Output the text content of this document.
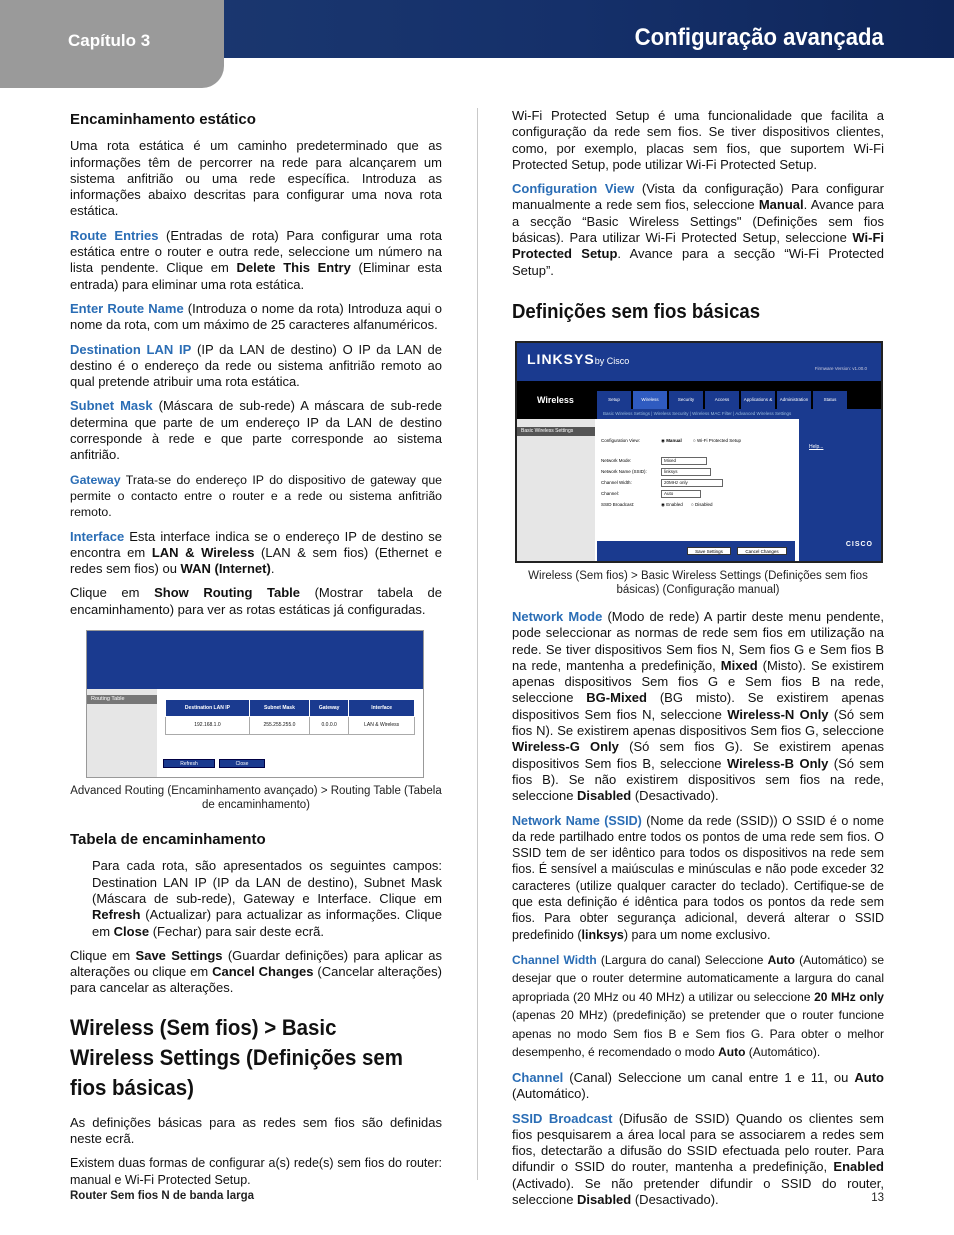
Capítulo 3	Configuração avançada
Encaminhamento estático

Uma rota estática é um caminho predeterminado que as informações têm de percorrer na rede para alcançarem um sistema anfitrião ou uma rede específica. Introduza as informações abaixo descritas para configurar uma nova rota estática.

Route Entries (Entradas de rota) Para configurar uma rota estática entre o router e outra rede, seleccione um número na lista pendente. Clique em Delete This Entry (Eliminar esta entrada) para eliminar uma rota estática.

Enter Route Name (Introduza o nome da rota) Introduza aqui o nome da rota, com um máximo de 25 caracteres alfanuméricos.

Destination LAN IP (IP da LAN de destino) O IP da LAN de destino é o endereço da rede ou sistema anfitrião remoto ao qual pretende atribuir uma rota estática.

Subnet Mask (Máscara de sub-rede) A máscara de sub-rede determina que parte de um endereço IP da LAN de destino corresponde à rede e que parte corresponde ao sistema anfitrião.

Gateway Trata-se do endereço IP do dispositivo de gateway que permite o contacto entre o router e a rede ou sistema anfitrião remoto.

Interface Esta interface indica se o endereço IP de destino se encontra em LAN & Wireless (LAN & sem fios) (Ethernet e redes sem fios) ou WAN (Internet).

Clique em Show Routing Table (Mostrar tabela de encaminhamento) para ver as rotas estáticas já configuradas.

Routing Table
Destination LAN IP	Subnet Mask	Gateway	Interface
192.168.1.0	255.255.255.0	0.0.0.0	LAN & Wireless
Refresh	Close
Advanced Routing (Encaminhamento avançado) > Routing Table (Tabela de encaminhamento)
Tabela de encaminhamento

Para cada rota, são apresentados os seguintes campos: Destination LAN IP (IP da LAN de destino), Subnet Mask (Máscara de sub-rede), Gateway e Interface. Clique em Refresh (Actualizar) para actualizar as informações. Clique em Close (Fechar) para sair deste ecrã.

Clique em Save Settings (Guardar definições) para aplicar as alterações ou clique em Cancel Changes (Cancelar alterações) para cancelar as alterações.

Wireless (Sem fios) > Basic Wireless Settings (Definições sem fios básicas)

As definições básicas para as redes sem fios são definidas neste ecrã.

Existem duas formas de configurar a(s) rede(s) sem fios do router: manual e Wi-Fi Protected Setup.

Wi-Fi Protected Setup é uma funcionalidade que facilita a configuração da rede sem fios. Se tiver dispositivos clientes, como, por exemplo, placas sem fios, que suportem Wi-Fi Protected Setup, pode utilizar Wi-Fi Protected Setup.

Configuration View (Vista da configuração) Para configurar manualmente a rede sem fios, seleccione Manual. Avance para a secção “Basic Wireless Settings" (Definições sem fios básicas). Para utilizar Wi-Fi Protected Setup, seleccione Wi-Fi Protected Setup. Avance para a secção “Wi-Fi Protected Setup”.

Definições sem fios básicas
LINKSYSby Cisco
Firmware Version: v1.00.0
Wireless	Setup	Wireless	Security	Access	Applications &	Administration	Status
Basic Wireless Settings | Wireless Security | Wireless MAC Filter | Advanced Wireless Settings
Basic Wireless Settings
Configuration View:	◉ Manual	○ Wi-Fi Protected Setup
Network Mode:	Mixed
Network Name (SSID):	linksys
Channel Width:	20MHz only
Channel:	Auto
SSID Broadcast:	◉ Enabled ○ Disabled
Help...
CISCO
Save Settings	Cancel Changes
Wireless (Sem fios) > Basic Wireless Settings (Definições sem fios básicas) (Configuração manual)

Network Mode (Modo de rede) A partir deste menu pendente, pode seleccionar as normas de rede sem fios em utilização na rede. Se tiver dispositivos Sem fios N, Sem fios G e Sem fios B na rede, mantenha a predefinição, Mixed (Misto). Se existirem apenas dispositivos Sem fios G e Sem fios B na rede, seleccione BG-Mixed (BG misto). Se existirem apenas dispositivos Sem fios N, seleccione Wireless-N Only (Só sem fios N). Se existirem apenas dispositivos Sem fios G, seleccione Wireless-G Only (Só sem fios G). Se existirem apenas dispositivos Sem fios B, seleccione Wireless-B Only (Só sem fios B). Se não existirem dispositivos sem fios na rede, seleccione Disabled (Desactivado).

Network Name (SSID) (Nome da rede (SSID)) O SSID é o nome da rede partilhado entre todos os pontos de uma rede sem fios. O SSID tem de ser idêntico para todos os dispositivos na rede sem fios. É sensível a maiúsculas e minúsculas e não pode exceder 32 caracteres (utilize qualquer caracter do teclado). Certifique-se de que esta definição é idêntica para todos os pontos da rede sem fios. Para obter segurança adicional, deverá alterar o SSID predefinido (linksys) para um nome exclusivo.

Channel Width (Largura do canal) Seleccione Auto (Automático) se desejar que o router determine automaticamente a largura do canal apropriada (20 MHz ou 40 MHz) a utilizar ou seleccione 20 MHz only (apenas 20 MHz) (predefinição) se pretender que o router funcione apenas no modo Sem fios B e Sem fios G. Para obter o melhor desempenho, é recomendado o modo Auto (Automático).

Channel (Canal) Seleccione um canal entre 1 e 11, ou Auto (Automático).

SSID Broadcast (Difusão de SSID) Quando os clientes sem fios pesquisarem a área local para se associarem a redes sem fios, detectarão a difusão do SSID efectuada pelo router. Para difundir o SSID do router, mantenha a predefinição, Enabled (Activado). Se não pretender difundir o SSID do router, seleccione Disabled (Desactivado).

Router Sem fios N de banda larga	13
